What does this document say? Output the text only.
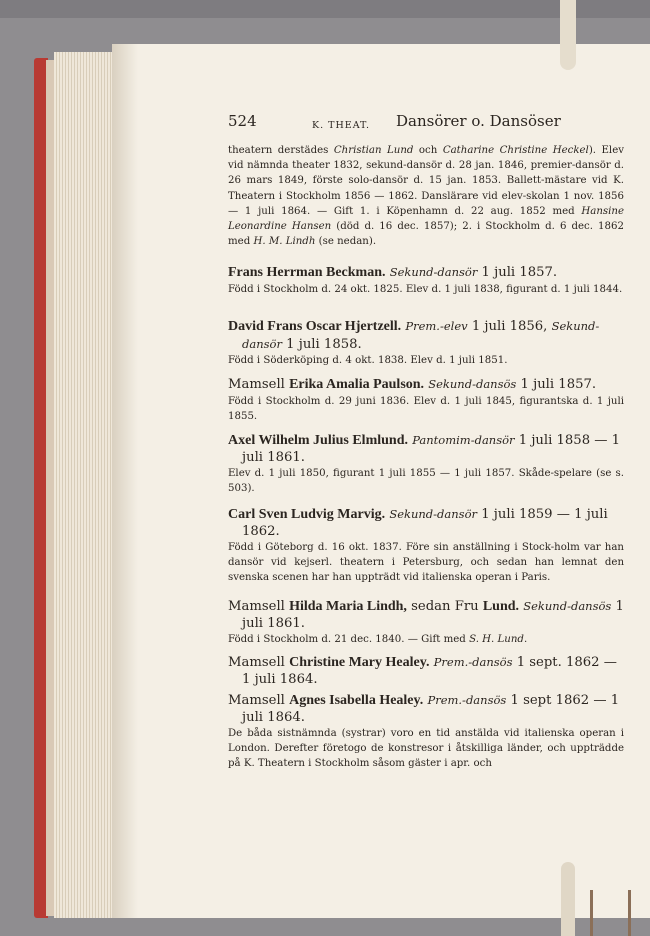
524	K. THEAT. Dansörer o. Dansöser
theatern derstädes Christian Lund och Catharine Christine Heckel). Elev vid nämnda theater 1832, sekund-dansör d. 28 jan. 1846, premier-dansör d. 26 mars 1849, förste solo-dansör d. 15 jan. 1853. Ballett-mästare vid K. Theatern i Stockholm 1856 — 1862. Danslärare vid elev-skolan 1 nov. 1856 — 1 juli 1864. — Gift 1. i Köpenhamn d. 22 aug. 1852 med Hansine Leonardine Hansen (död d. 16 dec. 1857); 2. i Stockholm d. 6 dec. 1862 med H. M. Lindh (se nedan).
Frans Herrman Beckman. Sekund-dansör 1 juli 1857.
Född i Stockholm d. 24 okt. 1825. Elev d. 1 juli 1838, figurant d. 1 juli 1844.
David Frans Oscar Hjertzell. Prem.-elev 1 juli 1856, Sekund-dansör 1 juli 1858.
Född i Söderköping d. 4 okt. 1838. Elev d. 1 juli 1851.
Mamsell Erika Amalia Paulson. Sekund-dansös 1 juli 1857.
Född i Stockholm d. 29 juni 1836. Elev d. 1 juli 1845, figurantska d. 1 juli 1855.
Axel Wilhelm Julius Elmlund. Pantomim-dansör 1 juli 1858 — 1 juli 1861.
Elev d. 1 juli 1850, figurant 1 juli 1855 — 1 juli 1857. Skåde-spelare (se s. 503).
Carl Sven Ludvig Marvig. Sekund-dansör 1 juli 1859 — 1 juli 1862.
Född i Göteborg d. 16 okt. 1837. Före sin anställning i Stock-holm var han dansör vid kejserl. theatern i Petersburg, och sedan han lemnat den svenska scenen har han uppträdt vid italienska operan i Paris.
Mamsell Hilda Maria Lindh, sedan Fru Lund. Sekund-dansös 1 juli 1861.
Född i Stockholm d. 21 dec. 1840. — Gift med S. H. Lund.
Mamsell Christine Mary Healey. Prem.-dansös 1 sept. 1862 — 1 juli 1864.
Mamsell Agnes Isabella Healey. Prem.-dansös 1 sept 1862 — 1 juli 1864.
De båda sistnämnda (systrar) voro en tid anstälda vid italienska operan i London. Derefter företogo de konstresor i åtskilliga länder, och uppträdde på K. Theatern i Stockholm såsom gäster i apr. och
